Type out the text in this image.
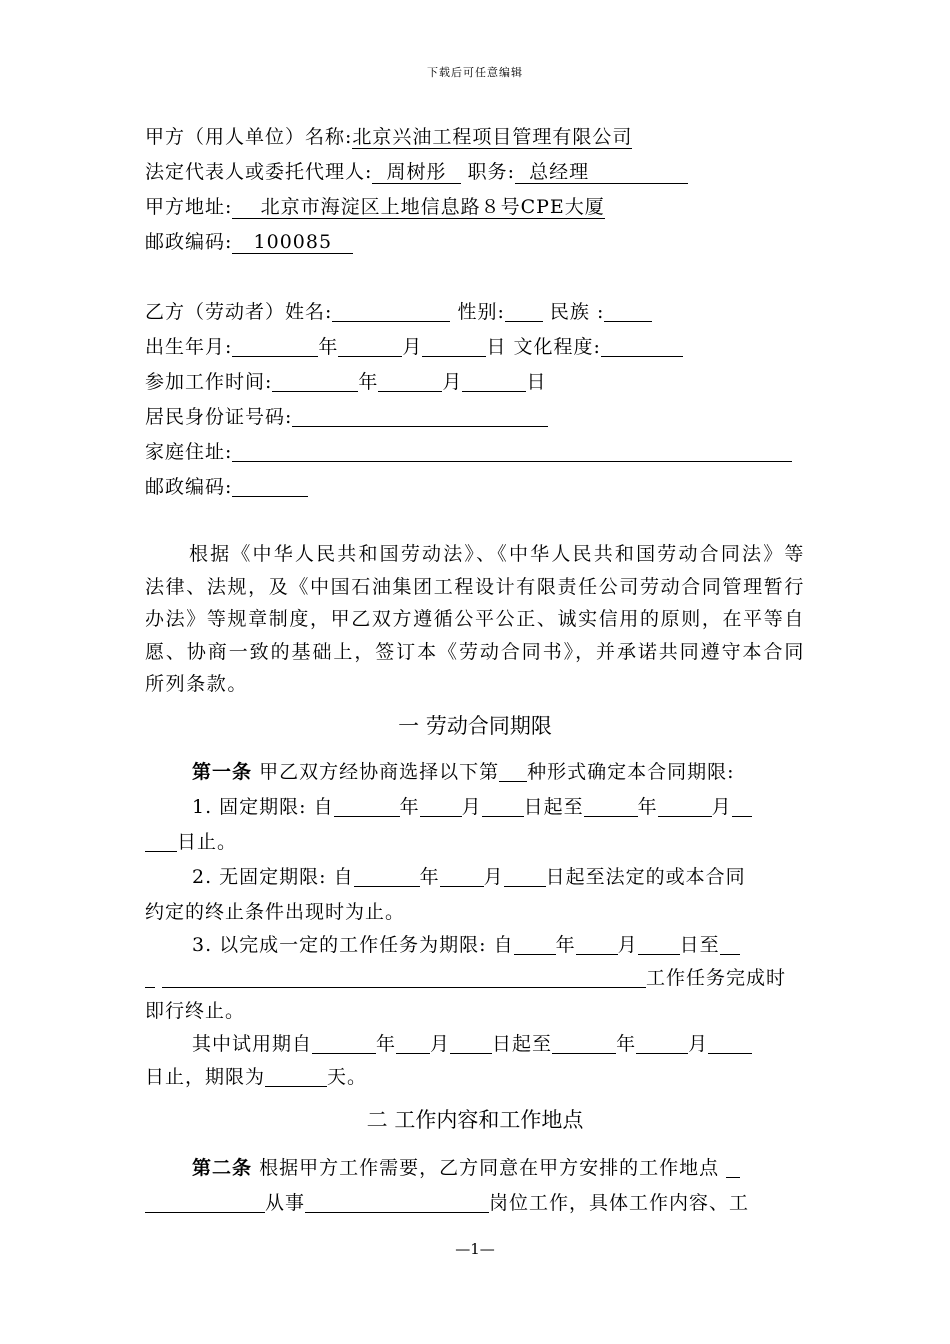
下载后可任意编辑
甲方（用人单位）名称:北京兴油工程项目管理有限公司
法定代表人或委托代理人: 周树彤 职务: 总经理
甲方地址: 北京市海淀区上地信息路８号CPE大厦
邮政编码: 100085
乙方（劳动者）姓名:	性别: 民族 :
出生年月:	年	月	日 文化程度:
参加工作时间:	年	月	日
居民身份证号码:
家庭住址:
邮政编码:
根据《中华人民共和国劳动法》、《中华人民共和国劳动合同法》等法律、法规，及《中国石油集团工程设计有限责任公司劳动合同管理暂行办法》等规章制度，甲乙双方遵循公平公正、诚实信用的原则，在平等自愿、协商一致的基础上，签订本《劳动合同书》，并承诺共同遵守本合同所列条款。
一 劳动合同期限
第一条 甲乙双方经协商选择以下第 种形式确定本合同期限:
1. 固定期限: 自	年 月 日起至	年	月
日止。
2. 无固定期限: 自	年 月 日起至法定的或本合同
约定的终止条件出现时为止。
3. 以完成一定的工作任务为期限: 自 年 月 日至
工作任务完成时
即行终止。
其中试用期自	年 月 日起至	年	月
日止，期限为	天。
二 工作内容和工作地点
第二条 根据甲方工作需要，乙方同意在甲方安排的工作地点
从事	岗位工作，具体工作内容、工
—1—
